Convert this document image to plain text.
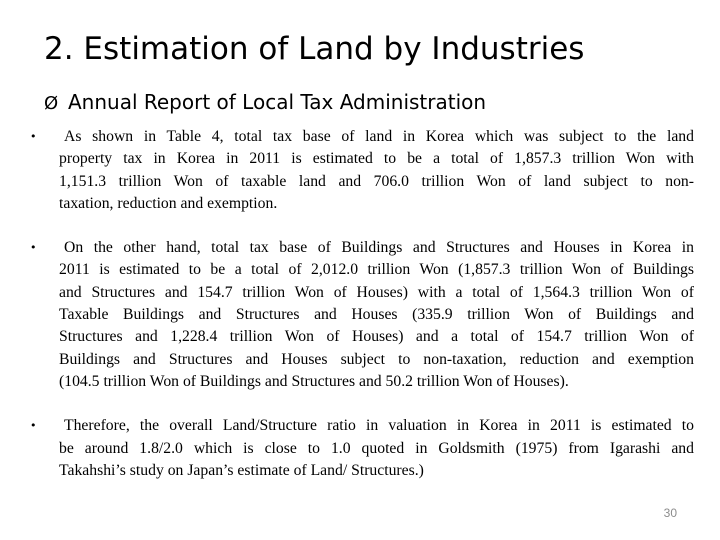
2. Estimation of Land by Industries
Ø Annual Report of Local Tax Administration
•	As shown in Table 4, total tax base of land in Korea which was subject to the land
property tax in Korea in 2011 is estimated to be a total of 1,857.3 trillion Won with
1,151.3 trillion Won of taxable land and 706.0 trillion Won of land subject to non-
taxation, reduction and exemption.
•	On the other hand, total tax base of Buildings and Structures and Houses in Korea in
2011 is estimated to be a total of 2,012.0 trillion Won (1,857.3 trillion Won of Buildings
and Structures and 154.7 trillion Won of Houses) with a total of 1,564.3 trillion Won of
Taxable Buildings and Structures and Houses (335.9 trillion Won of Buildings and
Structures and 1,228.4 trillion Won of Houses) and a total of 154.7 trillion Won of
Buildings and Structures and Houses subject to non-taxation, reduction and exemption
(104.5 trillion Won of Buildings and Structures and 50.2 trillion Won of Houses).
•	Therefore, the overall Land/Structure ratio in valuation in Korea in 2011 is estimated to
be around 1.8/2.0 which is close to 1.0 quoted in Goldsmith (1975) from Igarashi and
Takahshi’s study on Japan’s estimate of Land/ Structures.)
30
